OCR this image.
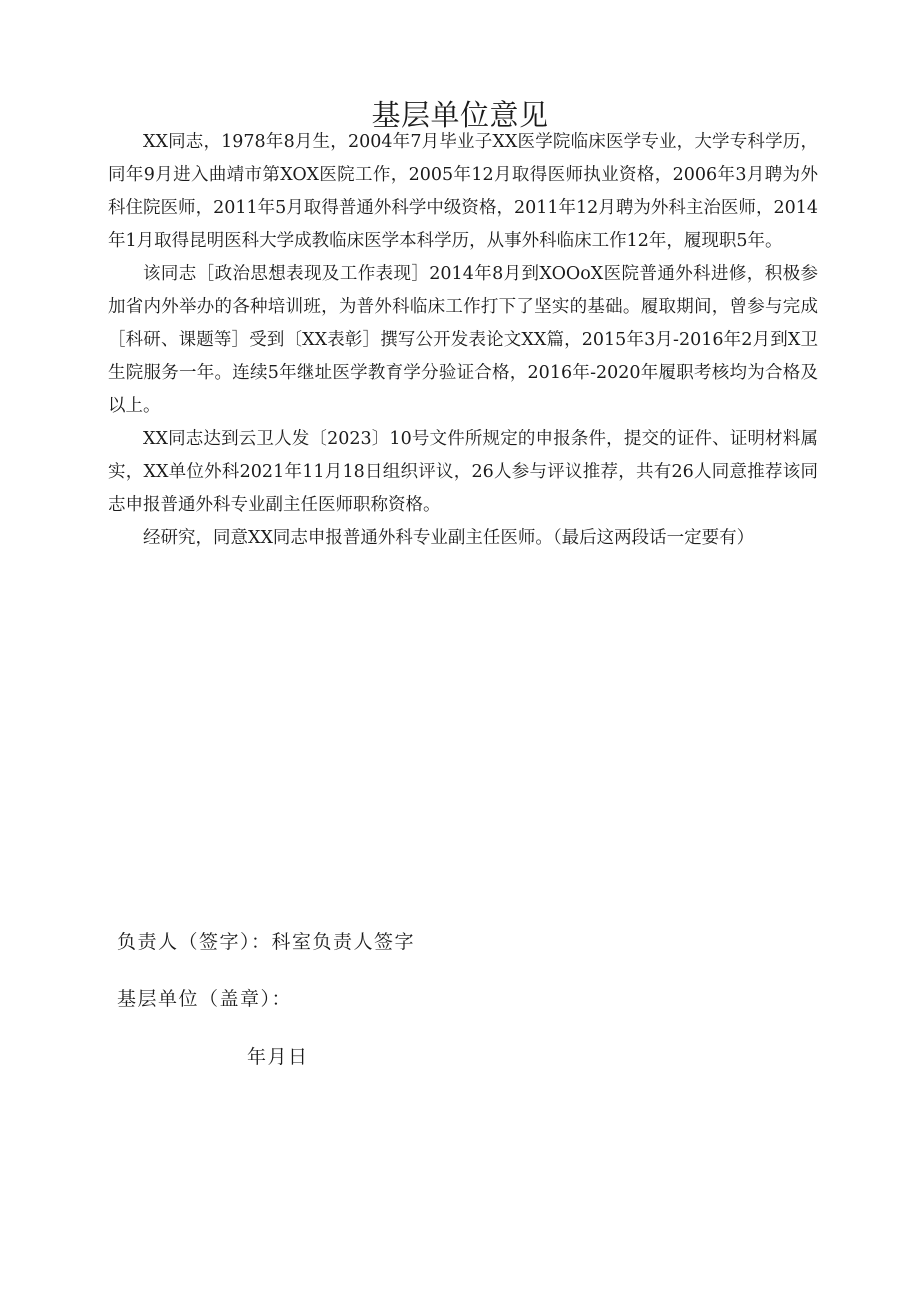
基层单位意见

XX同志，1978年8月生，2004年7月毕业子XX医学院临床医学专业，大学专科学历，同年9月进入曲靖市第XOX医院工作，2005年12月取得医师执业资格，2006年3月聘为外科住院医师，2011年5月取得普通外科学中级资格，2011年12月聘为外科主治医师，2014年1月取得昆明医科大学成教临床医学本科学历，从事外科临床工作12年，履现职5年。

该同志［政治思想表现及工作表现］2014年8月到XOOoX医院普通外科进修，积极参加省内外举办的各种培训班，为普外科临床工作打下了坚实的基础。履取期间，曾参与完成［科研、课题等］受到〔XX表彰］撰写公开发表论文XX篇，2015年3月-2016年2月到X卫生院服务一年。连续5年继址医学教育学分验证合格，2016年-2020年履职考核均为合格及以上。

XX同志达到云卫人发〔2023〕10号文件所规定的申报条件，提交的证件、证明材料属实，XX单位外科2021年11月18日组织评议，26人参与评议推荐，共有26人同意推荐该同志申报普通外科专业副主任医师职称资格。

经研究，同意XX同志申报普通外科专业副主任医师。（最后这两段话一定要有）

负责人（签字）：科室负责人签字
基层单位（盖章）：
年月日
